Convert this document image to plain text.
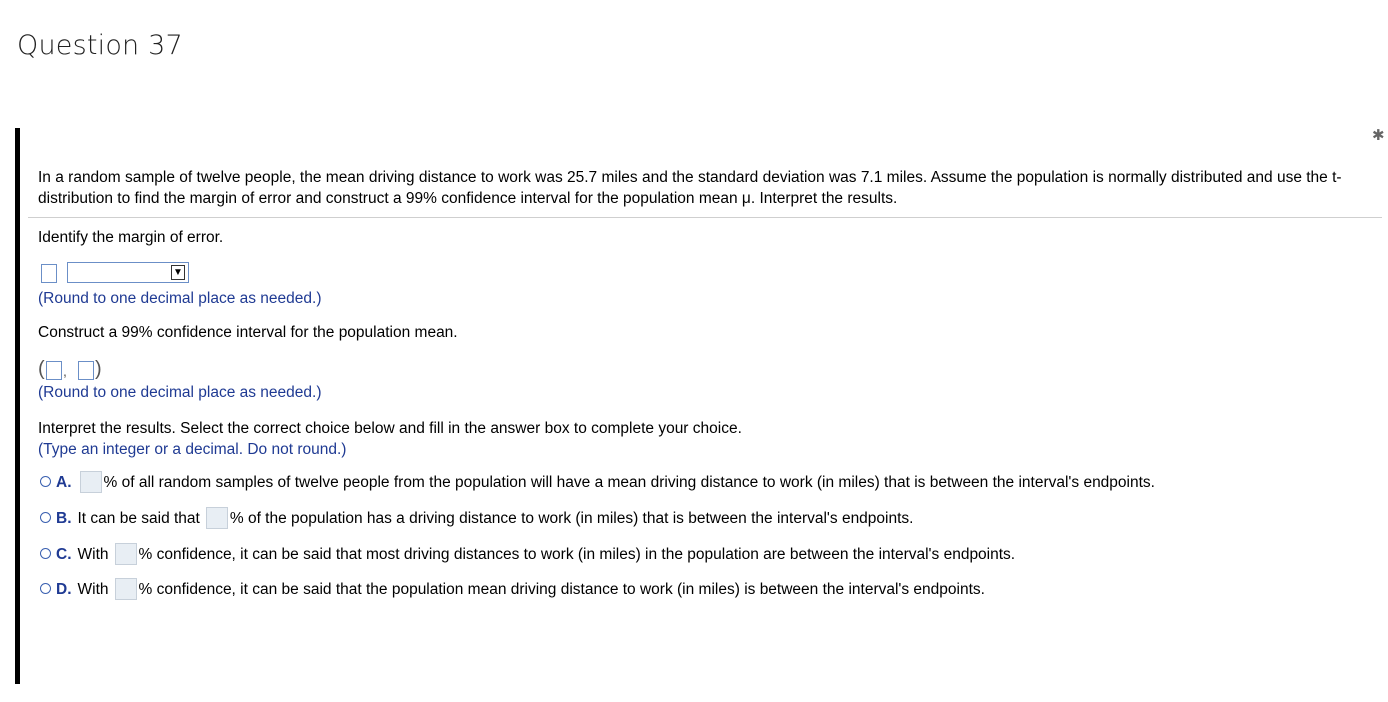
Question 37
✱
In a random sample of twelve people, the mean driving distance to work was 25.7 miles and the standard deviation was 7.1 miles. Assume the population is normally distributed and use the t-distribution to find the margin of error and construct a 99% confidence interval for the population mean μ. Interpret the results.
Identify the margin of error.
▼
(Round to one decimal place as needed.)
Construct a 99% confidence interval for the population mean.
( , )
(Round to one decimal place as needed.)
Interpret the results. Select the correct choice below and fill in the answer box to complete your choice.
(Type an integer or a decimal. Do not round.)
A. % of all random samples of twelve people from the population will have a mean driving distance to work (in miles) that is between the interval's endpoints.
B. It can be said that % of the population has a driving distance to work (in miles) that is between the interval's endpoints.
C. With % confidence, it can be said that most driving distances to work (in miles) in the population are between the interval's endpoints.
D. With % confidence, it can be said that the population mean driving distance to work (in miles) is between the interval's endpoints.
